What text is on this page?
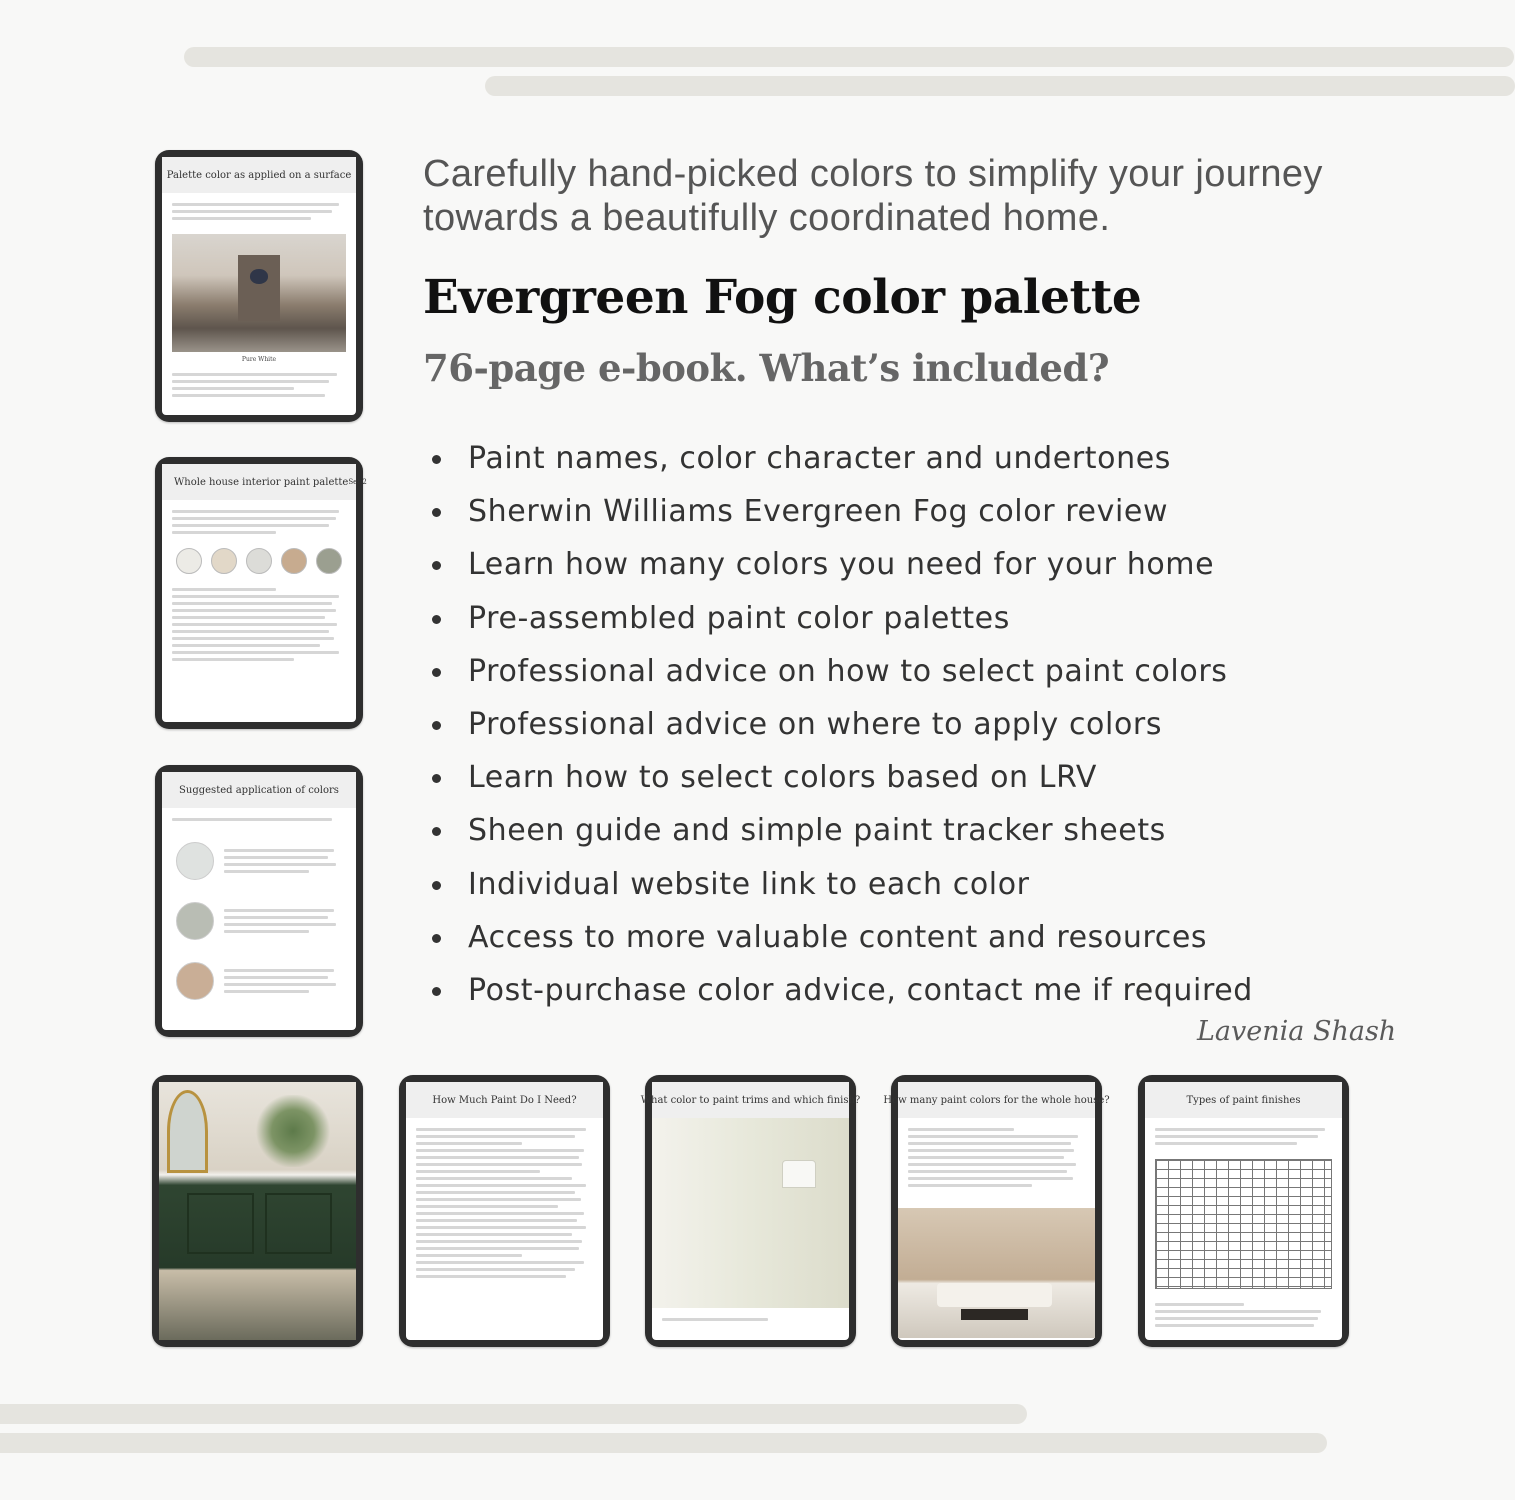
Palette color as applied on a surface
Pure White
Whole house interior paint palette Set 2
Suggested application of colors

Carefully hand-picked colors to simplify your journey towards a beautifully coordinated home.

Evergreen Fog color palette
76-page e-book. What’s included?
Paint names, color character and undertones
Sherwin Williams Evergreen Fog color review
Learn how many colors you need for your home
Pre-assembled paint color palettes
Professional advice on how to select paint colors
Professional advice on where to apply colors
Learn how to select colors based on LRV
Sheen guide and simple paint tracker sheets
Individual website link to each color
Access to more valuable content and resources
Post-purchase color advice, contact me if required
Lavenia Shash
How Much Paint Do I Need?	What color to paint trims and which finish? How many paint colors for the whole house?	Types of paint finishes
